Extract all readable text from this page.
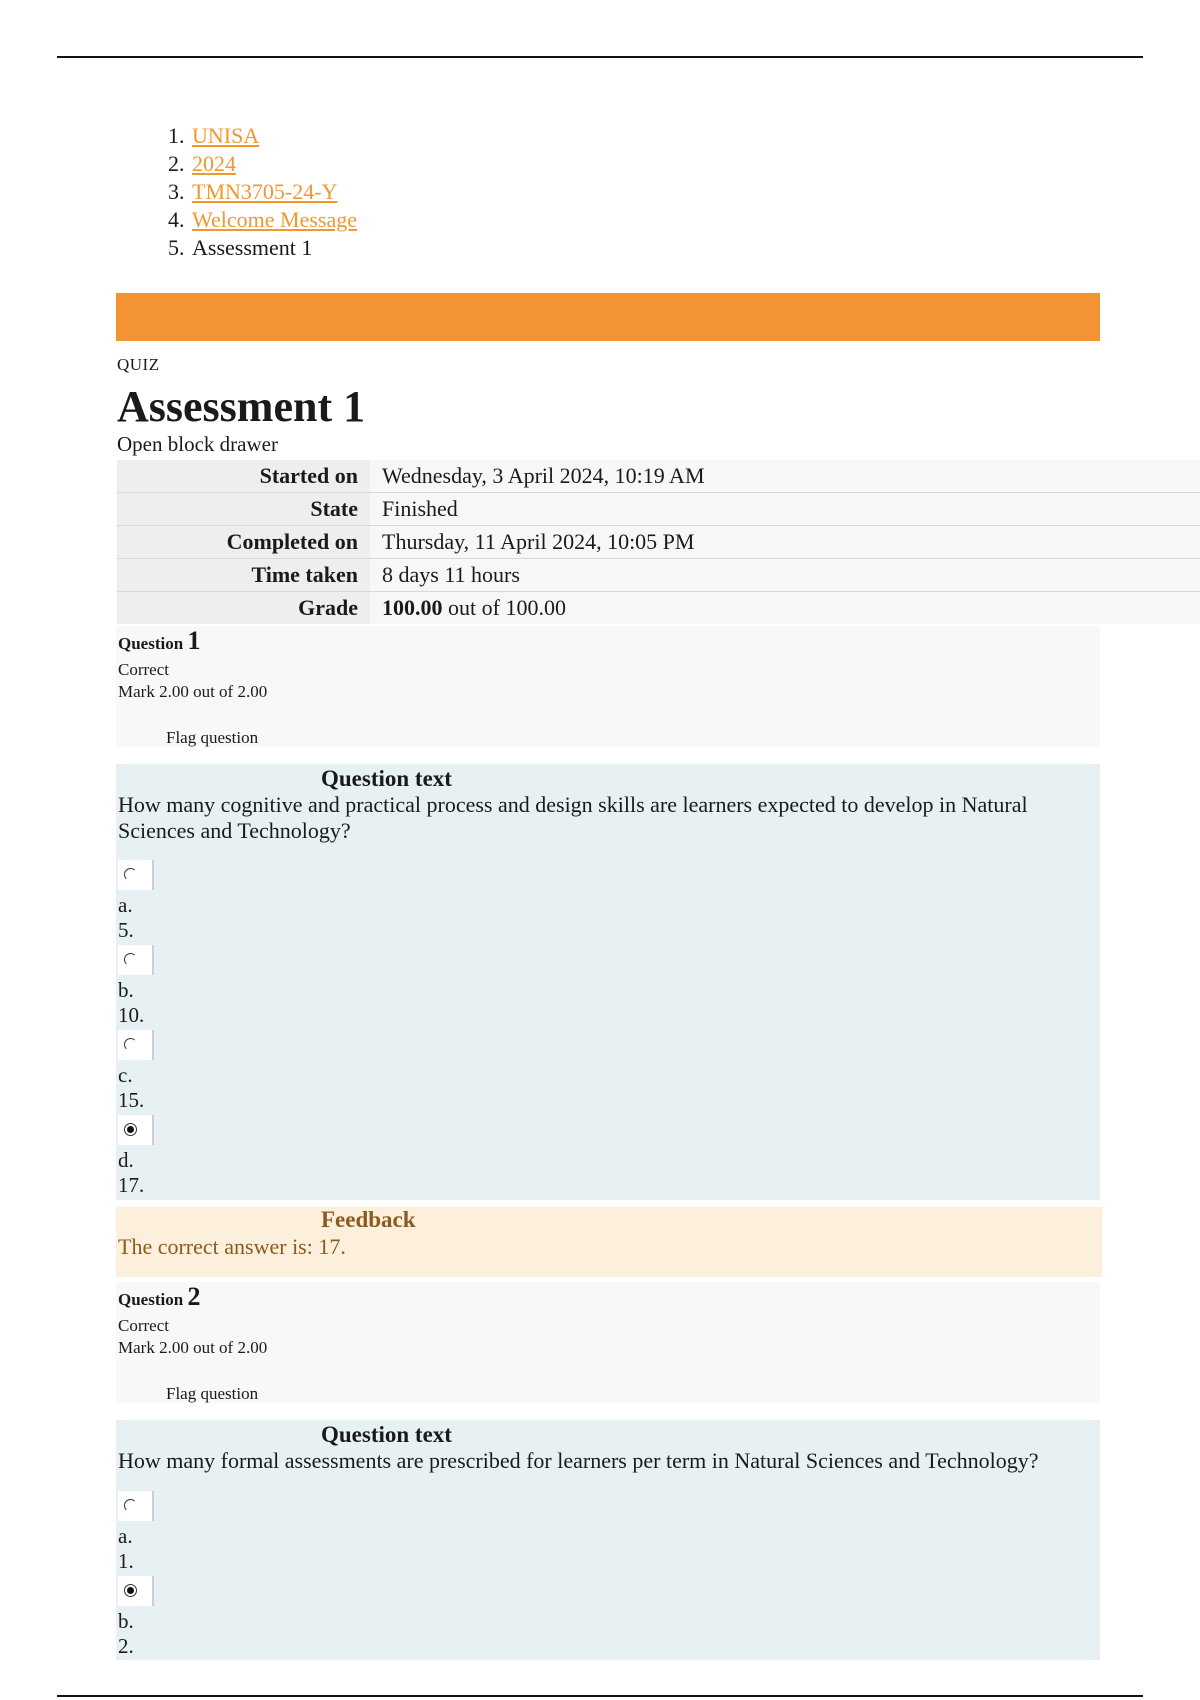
1. UNISA
2. 2024
3. TMN3705-24-Y
4. Welcome Message
5. Assessment 1
QUIZ
Assessment 1
Open block drawer
Started on	Wednesday, 3 April 2024, 10:19 AM
State	Finished
Completed on	Thursday, 11 April 2024, 10:05 PM
Time taken	8 days 11 hours
Grade	100.00 out of 100.00
Question 1
Correct
Mark 2.00 out of 2.00
Flag question
Question text
How many cognitive and practical process and design skills are learners expected to develop in Natural Sciences and Technology?
a.
5.
b.
10.
c.
15.
d.
17.
Feedback
The correct answer is: 17.
Question 2
Correct
Mark 2.00 out of 2.00
Flag question
Question text
How many formal assessments are prescribed for learners per term in Natural Sciences and Technology?
a.
1.
b.
2.
